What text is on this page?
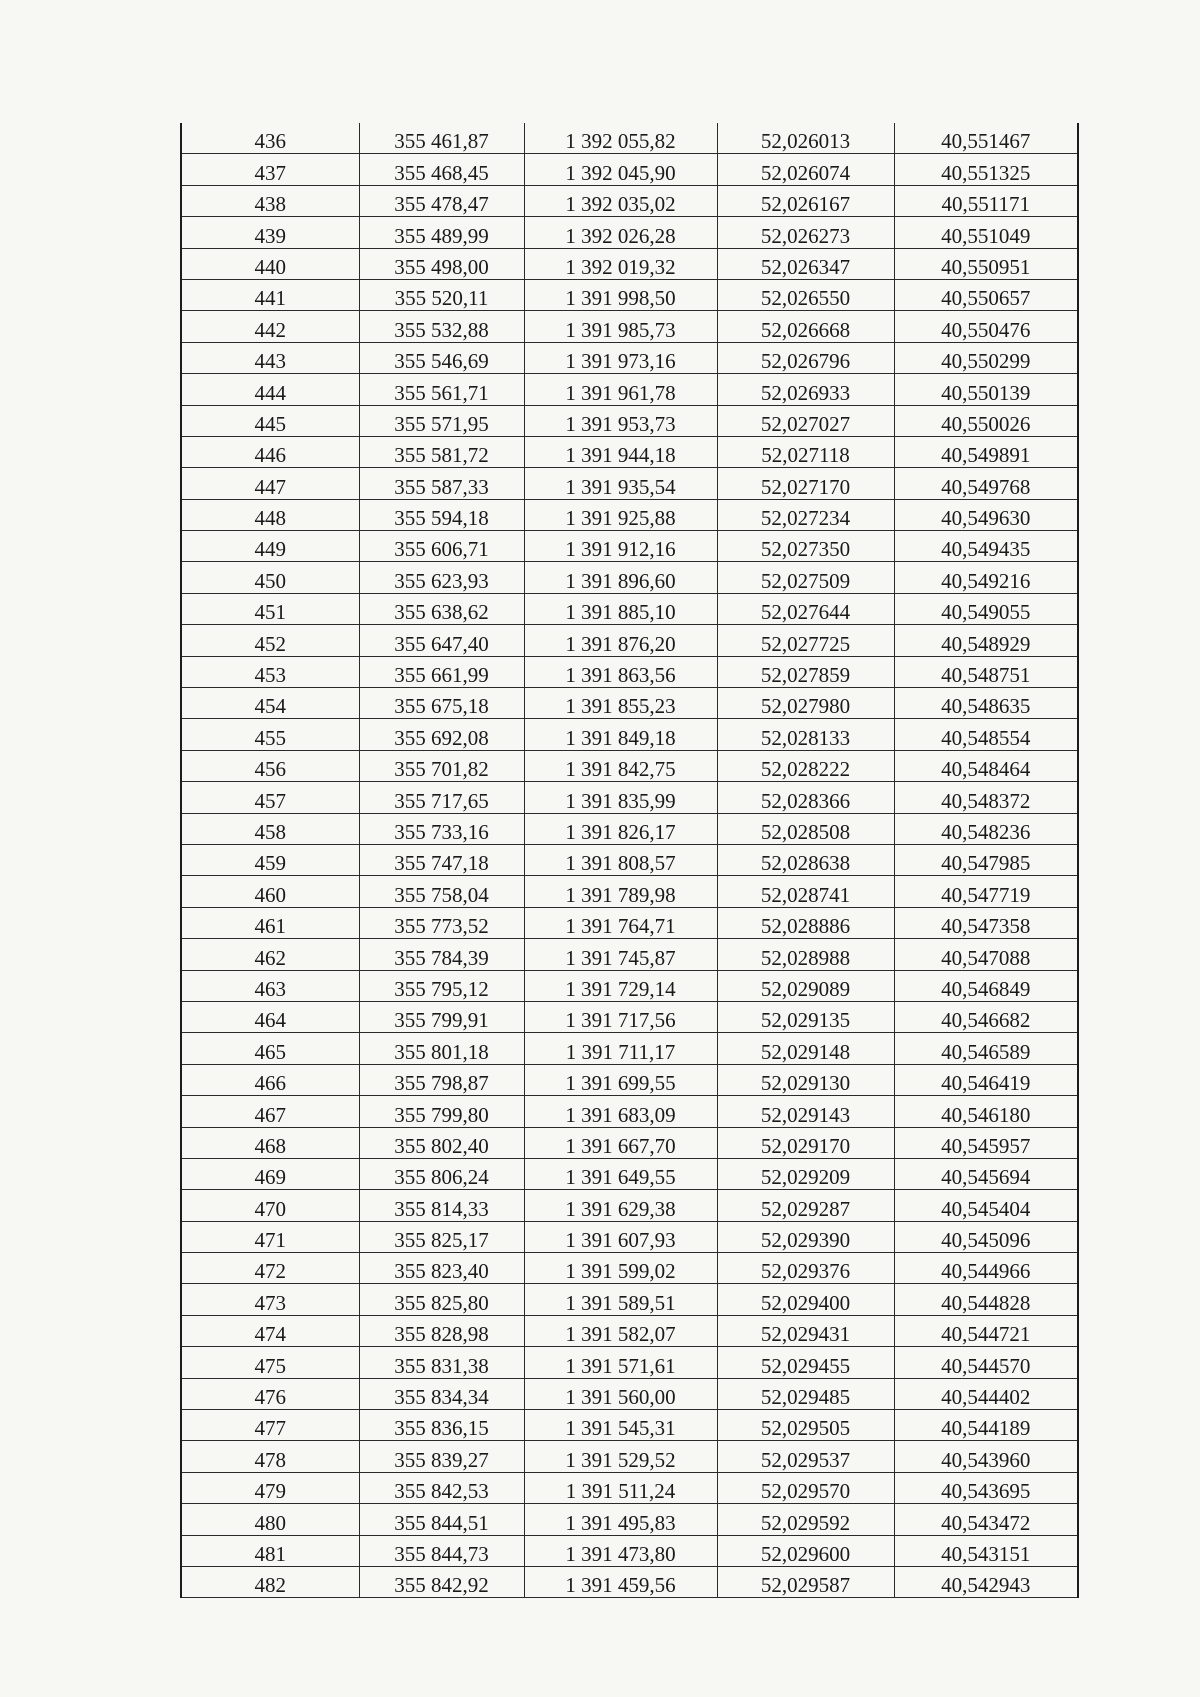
436	355 461,87	1 392 055,82	52,026013	40,551467
437	355 468,45	1 392 045,90	52,026074	40,551325
438	355 478,47	1 392 035,02	52,026167	40,551171
439	355 489,99	1 392 026,28	52,026273	40,551049
440	355 498,00	1 392 019,32	52,026347	40,550951
441	355 520,11	1 391 998,50	52,026550	40,550657
442	355 532,88	1 391 985,73	52,026668	40,550476
443	355 546,69	1 391 973,16	52,026796	40,550299
444	355 561,71	1 391 961,78	52,026933	40,550139
445	355 571,95	1 391 953,73	52,027027	40,550026
446	355 581,72	1 391 944,18	52,027118	40,549891
447	355 587,33	1 391 935,54	52,027170	40,549768
448	355 594,18	1 391 925,88	52,027234	40,549630
449	355 606,71	1 391 912,16	52,027350	40,549435
450	355 623,93	1 391 896,60	52,027509	40,549216
451	355 638,62	1 391 885,10	52,027644	40,549055
452	355 647,40	1 391 876,20	52,027725	40,548929
453	355 661,99	1 391 863,56	52,027859	40,548751
454	355 675,18	1 391 855,23	52,027980	40,548635
455	355 692,08	1 391 849,18	52,028133	40,548554
456	355 701,82	1 391 842,75	52,028222	40,548464
457	355 717,65	1 391 835,99	52,028366	40,548372
458	355 733,16	1 391 826,17	52,028508	40,548236
459	355 747,18	1 391 808,57	52,028638	40,547985
460	355 758,04	1 391 789,98	52,028741	40,547719
461	355 773,52	1 391 764,71	52,028886	40,547358
462	355 784,39	1 391 745,87	52,028988	40,547088
463	355 795,12	1 391 729,14	52,029089	40,546849
464	355 799,91	1 391 717,56	52,029135	40,546682
465	355 801,18	1 391 711,17	52,029148	40,546589
466	355 798,87	1 391 699,55	52,029130	40,546419
467	355 799,80	1 391 683,09	52,029143	40,546180
468	355 802,40	1 391 667,70	52,029170	40,545957
469	355 806,24	1 391 649,55	52,029209	40,545694
470	355 814,33	1 391 629,38	52,029287	40,545404
471	355 825,17	1 391 607,93	52,029390	40,545096
472	355 823,40	1 391 599,02	52,029376	40,544966
473	355 825,80	1 391 589,51	52,029400	40,544828
474	355 828,98	1 391 582,07	52,029431	40,544721
475	355 831,38	1 391 571,61	52,029455	40,544570
476	355 834,34	1 391 560,00	52,029485	40,544402
477	355 836,15	1 391 545,31	52,029505	40,544189
478	355 839,27	1 391 529,52	52,029537	40,543960
479	355 842,53	1 391 511,24	52,029570	40,543695
480	355 844,51	1 391 495,83	52,029592	40,543472
481	355 844,73	1 391 473,80	52,029600	40,543151
482	355 842,92	1 391 459,56	52,029587	40,542943
